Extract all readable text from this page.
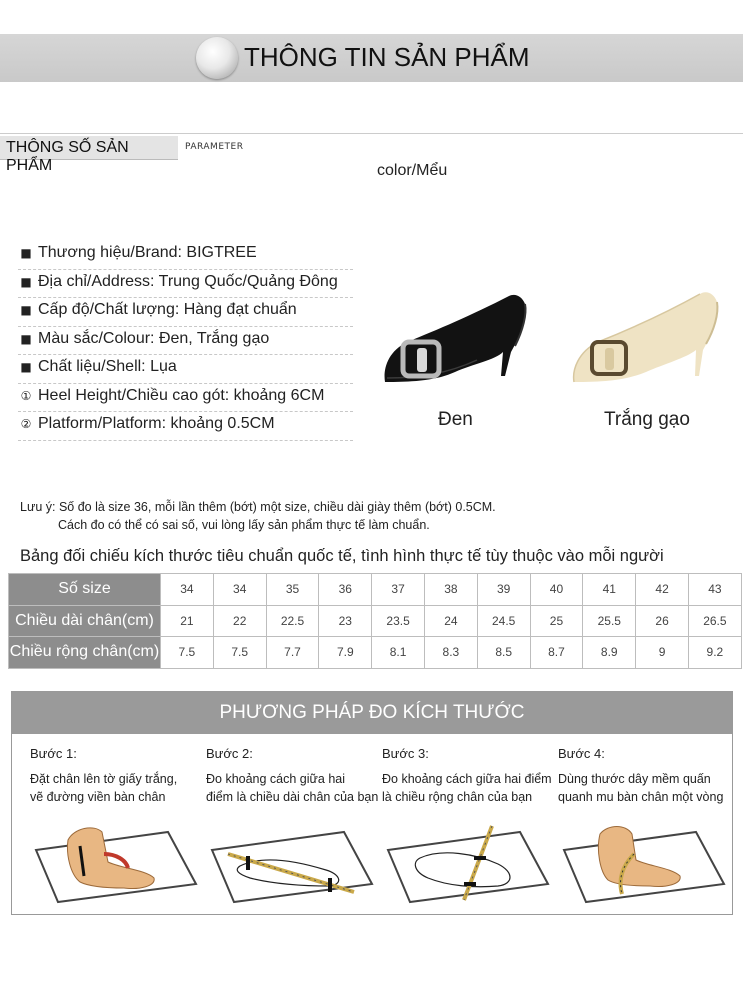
THÔNG TIN SẢN PHẨM
THÔNG SỐ SẢN PHẨM
PARAMETER
color/Mểu
■ Thương hiệu/Brand: BIGTREE
■ Địa chỉ/Address: Trung Quốc/Quảng Đông
■ Cấp độ/Chất lượng: Hàng đạt chuẩn
■ Màu sắc/Colour: Đen, Trắng gạo
■ Chất liệu/Shell: Lụa
① Heel Height/Chiều cao gót: khoảng 6CM
② Platform/Platform: khoảng 0.5CM	Đen	Trắng gạo
Lưu ý: Số đo là size 36, mỗi lần thêm (bớt) một size, chiều dài giày thêm (bớt) 0.5CM.
Cách đo có thể có sai số, vui lòng lấy sản phẩm thực tế làm chuẩn.
Bảng đối chiếu kích thước tiêu chuẩn quốc tế, tình hình thực tế tùy thuộc vào mỗi người
Số size	34	34	35	36	37	38	39	40	41	42	43
Chiều dài chân(cm)	21	22	22.5	23	23.5	24	24.5	25	25.5	26	26.5
Chiều rộng chân(cm)	7.5	7.5	7.7	7.9	8.1	8.3	8.5	8.7	8.9	9	9.2
PHƯƠNG PHÁP ĐO KÍCH THƯỚC
Bước 1:
Đặt chân lên tờ giấy trắng,
vẽ đường viền bàn chân
Bước 2:
Đo khoảng cách giữa hai
điểm là chiều dài chân của bạn
Bước 3:
Đo khoảng cách giữa hai điểm
là chiều rộng chân của bạn
Bước 4:
Dùng thước dây mềm quấn
quanh mu bàn chân một vòng
